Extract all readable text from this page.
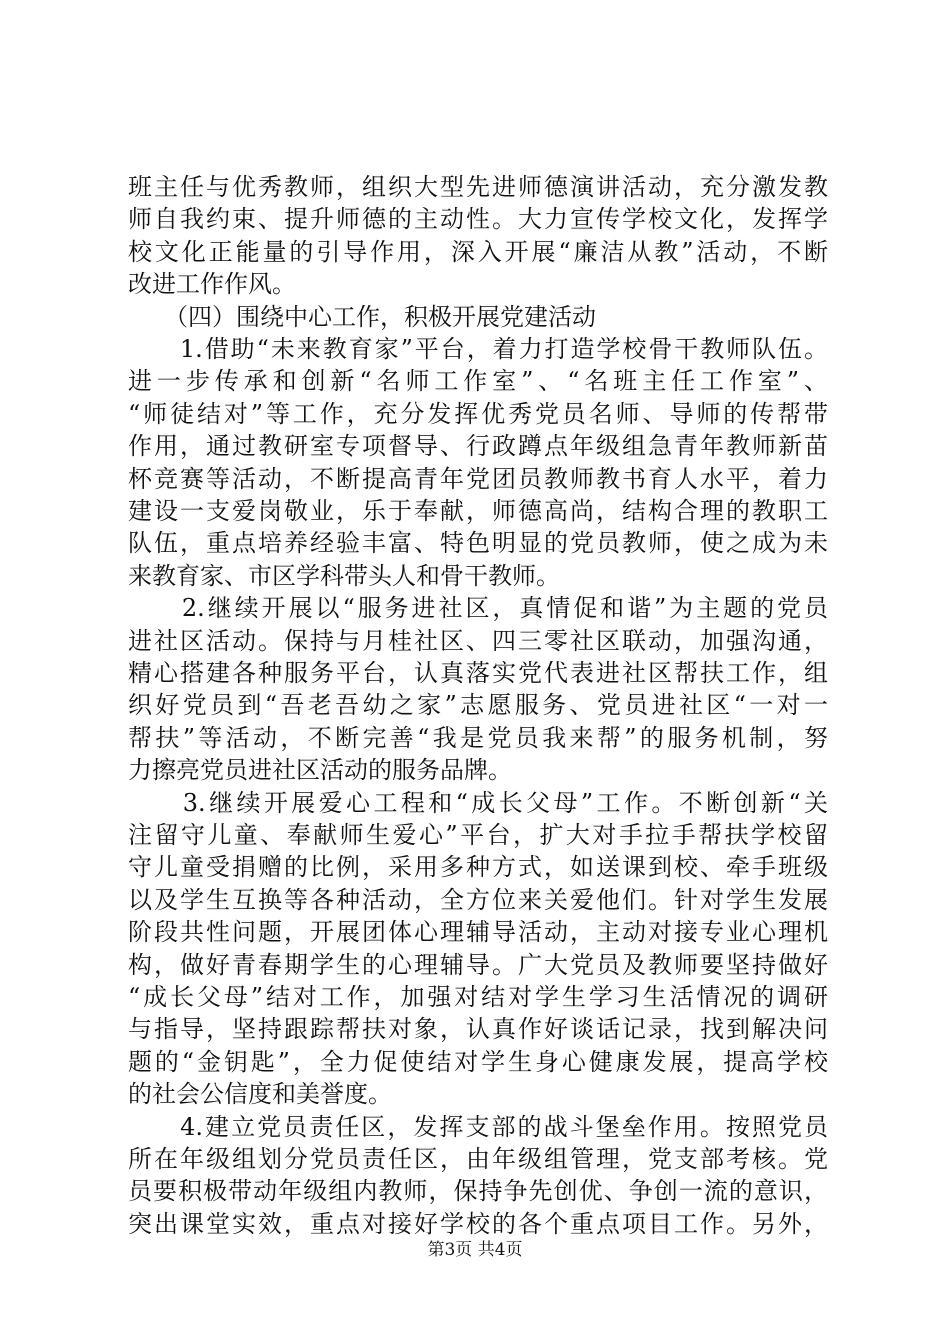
班主任与优秀教师，组织大型先进师德演讲活动，充分激发教
师自我约束、提升师德的主动性。大力宣传学校文化，发挥学
校文化正能量的引导作用，深入开展“廉洁从教”活动，不断
改进工作作风。
　　（四）围绕中心工作，积极开展党建活动
　　1.借助“未来教育家”平台，着力打造学校骨干教师队伍。
进一步传承和创新“名师工作室”、“名班主任工作室”、
“师徒结对”等工作，充分发挥优秀党员名师、导师的传帮带
作用，通过教研室专项督导、行政蹲点年级组急青年教师新苗
杯竞赛等活动，不断提高青年党团员教师教书育人水平，着力
建设一支爱岗敬业，乐于奉献，师德高尚，结构合理的教职工
队伍，重点培养经验丰富、特色明显的党员教师，使之成为未
来教育家、市区学科带头人和骨干教师。
　　2.继续开展以“服务进社区，真情促和谐”为主题的党员
进社区活动。保持与月桂社区、四三零社区联动，加强沟通，
精心搭建各种服务平台，认真落实党代表进社区帮扶工作，组
织好党员到“吾老吾幼之家”志愿服务、党员进社区“一对一
帮扶”等活动，不断完善“我是党员我来帮”的服务机制，努
力擦亮党员进社区活动的服务品牌。
　　3.继续开展爱心工程和“成长父母”工作。不断创新“关
注留守儿童、奉献师生爱心”平台，扩大对手拉手帮扶学校留
守儿童受捐赠的比例，采用多种方式，如送课到校、牵手班级
以及学生互换等各种活动，全方位来关爱他们。针对学生发展
阶段共性问题，开展团体心理辅导活动，主动对接专业心理机
构，做好青春期学生的心理辅导。广大党员及教师要坚持做好
“成长父母”结对工作，加强对结对学生学习生活情况的调研
与指导，坚持跟踪帮扶对象，认真作好谈话记录，找到解决问
题的“金钥匙”，全力促使结对学生身心健康发展，提高学校
的社会公信度和美誉度。
　　4.建立党员责任区，发挥支部的战斗堡垒作用。按照党员
所在年级组划分党员责任区，由年级组管理，党支部考核。党
员要积极带动年级组内教师，保持争先创优、争创一流的意识，
突出课堂实效，重点对接好学校的各个重点项目工作。另外，
第3页 共4页
